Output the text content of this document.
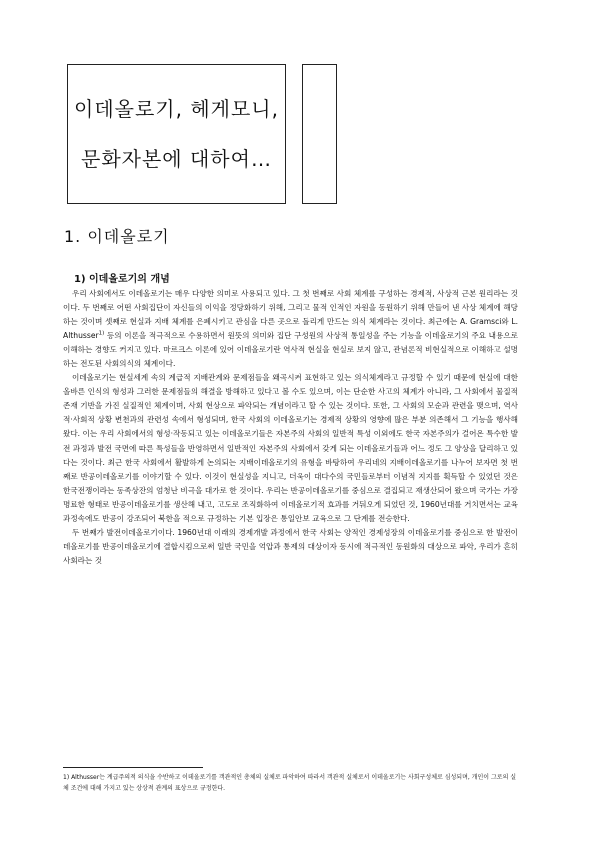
이데올로기, 헤게모니,
문화자본에 대하여…
1. 이데올로기
1) 이데올로기의 개념

우리 사회에서도 이데올로기는 매우 다양한 의미로 사용되고 있다. 그 첫 번째로 사회 체계를 구성하는 경제적, 사상적 근본 원리라는 것이다. 두 번째로 어떤 사회집단이 자신들의 이익을 정당화하기 위해, 그리고 물적 인적인 자원을 동원하기 위해 만들어 낸 사상 체계에 해당하는 것이며 셋째로 현실과 지배 체계를 은폐시키고 관심을 다른 곳으로 돌리게 만드는 의식 체계라는 것이다. 최근에는 A. Gramsci와 L. Althusser$^{1)}$ 등의 이론을 적극적으로 수용하면서 원뜻의 의미와 집단 구성원의 사상적 통일성을 주는 기능을 이데올로기의 주요 내용으로 이해하는 경향도 커지고 있다. 마르크스 이론에 있어 이데올로기란 역사적 현실을 현실로 보지 않고, 관념론적 비현실적으로 이해하고 설명하는 전도된 사회의식의 체계이다.

이데올로기는 현실세계 속의 계급적 지배관계와 문제점들을 왜곡시켜 표현하고 있는 의식체계라고 규정할 수 있기 때문에 현실에 대한 올바른 인식의 형성과 그러한 문제점들의 해결을 방해하고 있다고 볼 수도 있으며, 이는 단순한 사고의 체계가 아니라, 그 사회에서 물질적 존재 기반을 가진 실질적인 체계이며, 사회 현상으로 파악되는 개념이라고 할 수 있는 것이다. 또한, 그 사회의 모순과 관련을 맺으며, 역사적·사회적 상황 변천과의 관련성 속에서 형성되며, 한국 사회의 이데올로기는 경제적 상황의 영향에 많은 부분 의존해서 그 기능을 행사해 왔다. 이는 우리 사회에서의 형성·작동되고 있는 이데올로기들은 자본주의 사회의 일반적 특성 이외에도 한국 자본주의가 걸어온 특수한 발전 과정과 발전 국면에 따른 특성들을 반영하면서 일반적인 자본주의 사회에서 갖게 되는 이데올로기들과 어느 정도 그 양상을 달리하고 있다는 것이다. 최근 한국 사회에서 활발하게 논의되는 지배이데올로기의 유형을 바탕하여 우리네의 지배이데올로기를 나누어 보자면 첫 번째로 반공이데올로기를 이야기할 수 있다. 이것이 현실성을 지니고, 더욱이 대다수의 국민들로부터 이념적 지지를 획득할 수 있었던 것은 한국전쟁이라는 동족상잔의 엄청난 비극을 대가로 한 것이다. 우리는 반공이데올로기를 중심으로 결집되고 재생산되어 왔으며 국가는 가장 명료한 형태로 반공이데올로기를 생산해 내고, 고도로 조직화하여 이데올로기적 효과를 거둬오게 되었던 것, 1960년대를 거치면서는 교육과정속에도 반공이 강조되어 북한을 적으로 규정하는 기본 입장은 통일안보 교육으로 그 단계를 전승한다.

두 번째가 발전이데올로기이다. 1960년대 이래의 경제개발 과정에서 한국 사회는 양적인 경제성장의 이데올로기를 중심으로 한 발전이데올로기를 반공이데올로기에 결합시킴으로써 일반 국민을 억압과 통제의 대상이자 동시에 적극적인 동원화의 대상으로 파악, 우리가 흔히 사회라는 것

1) Althusser는 계급주의적 의식을 수반하고 이데올로기를 객관적인 총체의 실체로 파악하여 따라서 객관적 실체로서 이데올로기는 사회구성체로 심성되며, 개인이 그로의 실체 조건에 대해 가지고 있는 상상적 관계의 표상으로 규정한다.
